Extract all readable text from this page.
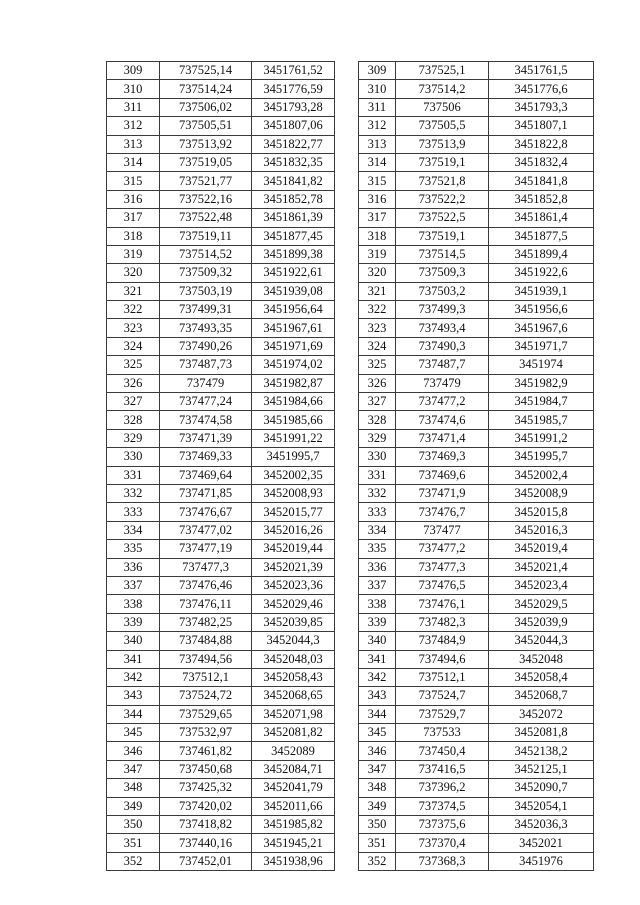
309	737525,14	3451761,52
310	737514,24	3451776,59
311	737506,02	3451793,28
312	737505,51	3451807,06
313	737513,92	3451822,77
314	737519,05	3451832,35
315	737521,77	3451841,82
316	737522,16	3451852,78
317	737522,48	3451861,39
318	737519,11	3451877,45
319	737514,52	3451899,38
320	737509,32	3451922,61
321	737503,19	3451939,08
322	737499,31	3451956,64
323	737493,35	3451967,61
324	737490,26	3451971,69
325	737487,73	3451974,02
326	737479	3451982,87
327	737477,24	3451984,66
328	737474,58	3451985,66
329	737471,39	3451991,22
330	737469,33	3451995,7
331	737469,64	3452002,35
332	737471,85	3452008,93
333	737476,67	3452015,77
334	737477,02	3452016,26
335	737477,19	3452019,44
336	737477,3	3452021,39
337	737476,46	3452023,36
338	737476,11	3452029,46
339	737482,25	3452039,85
340	737484,88	3452044,3
341	737494,56	3452048,03
342	737512,1	3452058,43
343	737524,72	3452068,65
344	737529,65	3452071,98
345	737532,97	3452081,82
346	737461,82	3452089
347	737450,68	3452084,71
348	737425,32	3452041,79
349	737420,02	3452011,66
350	737418,82	3451985,82
351	737440,16	3451945,21
352	737452,01	3451938,96
309	737525,1	3451761,5
310	737514,2	3451776,6
311	737506	3451793,3
312	737505,5	3451807,1
313	737513,9	3451822,8
314	737519,1	3451832,4
315	737521,8	3451841,8
316	737522,2	3451852,8
317	737522,5	3451861,4
318	737519,1	3451877,5
319	737514,5	3451899,4
320	737509,3	3451922,6
321	737503,2	3451939,1
322	737499,3	3451956,6
323	737493,4	3451967,6
324	737490,3	3451971,7
325	737487,7	3451974
326	737479	3451982,9
327	737477,2	3451984,7
328	737474,6	3451985,7
329	737471,4	3451991,2
330	737469,3	3451995,7
331	737469,6	3452002,4
332	737471,9	3452008,9
333	737476,7	3452015,8
334	737477	3452016,3
335	737477,2	3452019,4
336	737477,3	3452021,4
337	737476,5	3452023,4
338	737476,1	3452029,5
339	737482,3	3452039,9
340	737484,9	3452044,3
341	737494,6	3452048
342	737512,1	3452058,4
343	737524,7	3452068,7
344	737529,7	3452072
345	737533	3452081,8
346	737450,4	3452138,2
347	737416,5	3452125,1
348	737396,2	3452090,7
349	737374,5	3452054,1
350	737375,6	3452036,3
351	737370,4	3452021
352	737368,3	3451976
